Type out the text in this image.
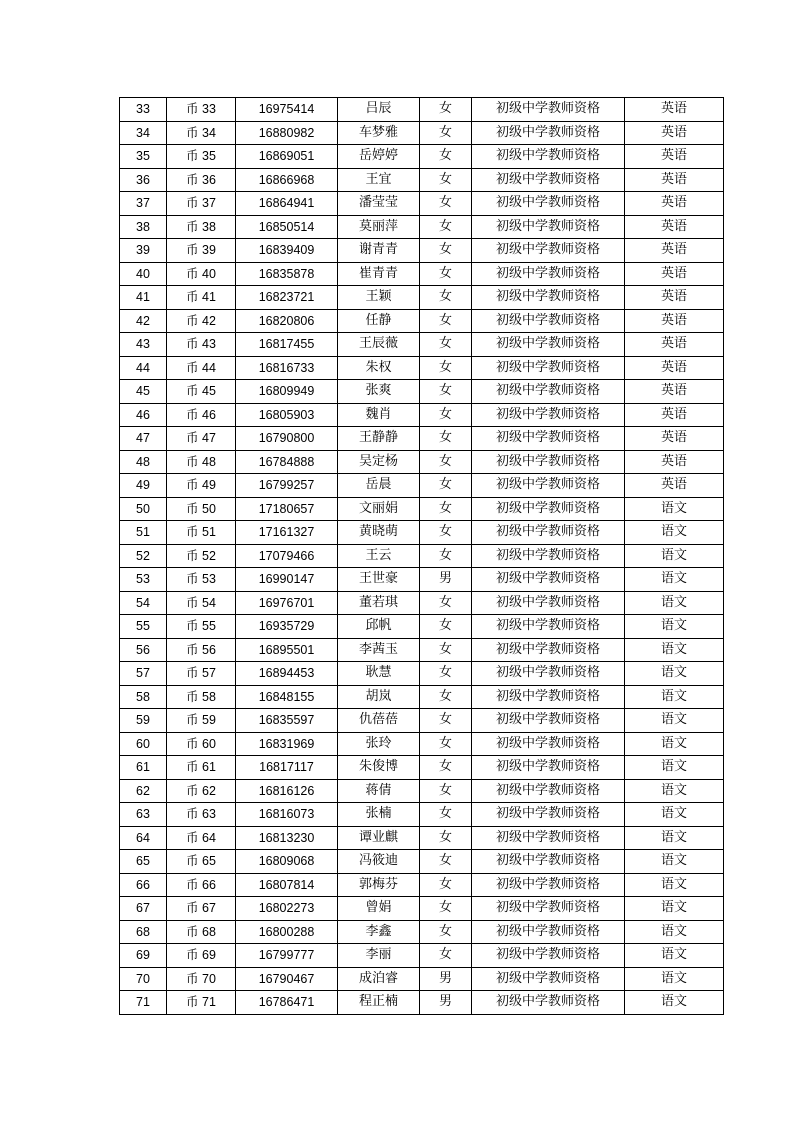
33	币 33	16975414	吕辰	女	初级中学教师资格	英语
34	币 34	16880982	车梦雅	女	初级中学教师资格	英语
35	币 35	16869051	岳婷婷	女	初级中学教师资格	英语
36	币 36	16866968	王宜	女	初级中学教师资格	英语
37	币 37	16864941	潘莹莹	女	初级中学教师资格	英语
38	币 38	16850514	莫丽萍	女	初级中学教师资格	英语
39	币 39	16839409	谢青青	女	初级中学教师资格	英语
40	币 40	16835878	崔青青	女	初级中学教师资格	英语
41	币 41	16823721	王颖	女	初级中学教师资格	英语
42	币 42	16820806	任静	女	初级中学教师资格	英语
43	币 43	16817455	王辰薇	女	初级中学教师资格	英语
44	币 44	16816733	朱权	女	初级中学教师资格	英语
45	币 45	16809949	张爽	女	初级中学教师资格	英语
46	币 46	16805903	魏肖	女	初级中学教师资格	英语
47	币 47	16790800	王静静	女	初级中学教师资格	英语
48	币 48	16784888	吴定杨	女	初级中学教师资格	英语
49	币 49	16799257	岳晨	女	初级中学教师资格	英语
50	币 50	17180657	文丽娟	女	初级中学教师资格	语文
51	币 51	17161327	黄晓萌	女	初级中学教师资格	语文
52	币 52	17079466	王云	女	初级中学教师资格	语文
53	币 53	16990147	王世豪	男	初级中学教师资格	语文
54	币 54	16976701	董若琪	女	初级中学教师资格	语文
55	币 55	16935729	邱帆	女	初级中学教师资格	语文
56	币 56	16895501	李茜玉	女	初级中学教师资格	语文
57	币 57	16894453	耿慧	女	初级中学教师资格	语文
58	币 58	16848155	胡岚	女	初级中学教师资格	语文
59	币 59	16835597	仇蓓蓓	女	初级中学教师资格	语文
60	币 60	16831969	张玲	女	初级中学教师资格	语文
61	币 61	16817117	朱俊博	女	初级中学教师资格	语文
62	币 62	16816126	蒋倩	女	初级中学教师资格	语文
63	币 63	16816073	张楠	女	初级中学教师资格	语文
64	币 64	16813230	谭业麒	女	初级中学教师资格	语文
65	币 65	16809068	冯筱迪	女	初级中学教师资格	语文
66	币 66	16807814	郭梅芬	女	初级中学教师资格	语文
67	币 67	16802273	曾娟	女	初级中学教师资格	语文
68	币 68	16800288	李鑫	女	初级中学教师资格	语文
69	币 69	16799777	李丽	女	初级中学教师资格	语文
70	币 70	16790467	成泊睿	男	初级中学教师资格	语文
71	币 71	16786471	程正楠	男	初级中学教师资格	语文
